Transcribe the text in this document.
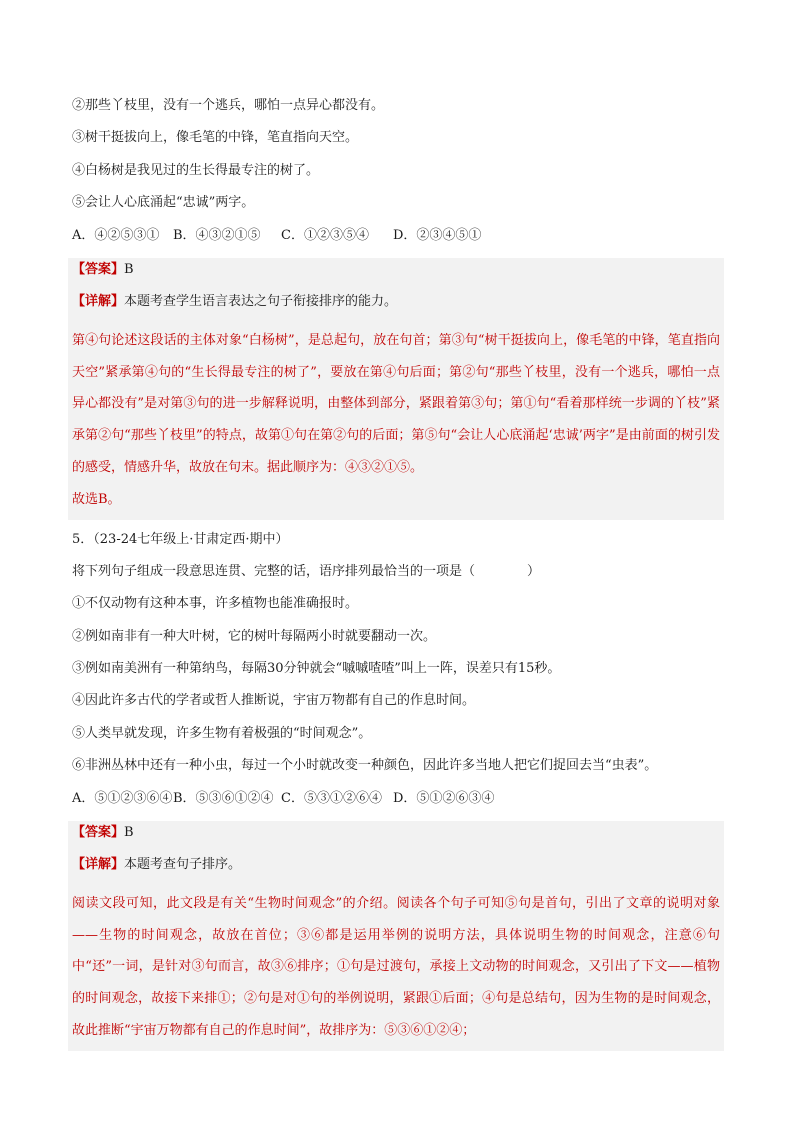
②那些丫枝里，没有一个逃兵，哪怕一点异心都没有。
③树干挺拔向上，像毛笔的中锋，笔直指向天空。
④白杨树是我见过的生长得最专注的树了。
⑤会让人心底涌起“忠诚”两字。
A．④②⑤③①	B．④③②①⑤	C．①②③⑤④	D．②③④⑤①
【答案】B
【详解】本题考查学生语言表达之句子衔接排序的能力。

第④句论述这段话的主体对象“白杨树”，是总起句，放在句首；第③句“树干挺拔向上，像毛笔的中锋，笔直指向天空”紧承第④句的“生长得最专注的树了”，要放在第④句后面；第②句“那些丫枝里，没有一个逃兵，哪怕一点异心都没有”是对第③句的进一步解释说明，由整体到部分，紧跟着第③句；第①句“看着那样统一步调的丫枝”紧承第②句“那些丫枝里”的特点，故第①句在第②句的后面；第⑤句“会让人心底涌起‘忠诚’两字”是由前面的树引发的感受，情感升华，故放在句末。据此顺序为：④③②①⑤。

故选B。

5．（23-24七年级上·甘肃定西·期中）
将下列句子组成一段意思连贯、完整的话，语序排列最恰当的一项是（　　　　）
①不仅动物有这种本事，许多植物也能准确报时。
②例如南非有一种大叶树，它的树叶每隔两小时就要翻动一次。
③例如南美洲有一种第纳鸟，每隔30分钟就会“嘁嘁喳喳”叫上一阵，误差只有15秒。
④因此许多古代的学者或哲人推断说，宇宙万物都有自己的作息时间。
⑤人类早就发现，许多生物有着极强的“时间观念”。
⑥非洲丛林中还有一种小虫，每过一个小时就改变一种颜色，因此许多当地人把它们捉回去当“虫表”。
A．⑤①②③⑥④ B．⑤③⑥①②④ C．⑤③①②⑥④ D．⑤①②⑥③④
【答案】B
【详解】本题考查句子排序。

阅读文段可知，此文段是有关“生物时间观念”的介绍。阅读各个句子可知⑤句是首句，引出了文章的说明对象——生物的时间观念，故放在首位；③⑥都是运用举例的说明方法，具体说明生物的时间观念，注意⑥句中“还”一词，是针对③句而言，故③⑥排序；①句是过渡句，承接上文动物的时间观念，又引出了下文——植物的时间观念，故接下来排①；②句是对①句的举例说明，紧跟①后面；④句是总结句，因为生物的是时间观念，故此推断“宇宙万物都有自己的作息时间”，故排序为：⑤③⑥①②④；
